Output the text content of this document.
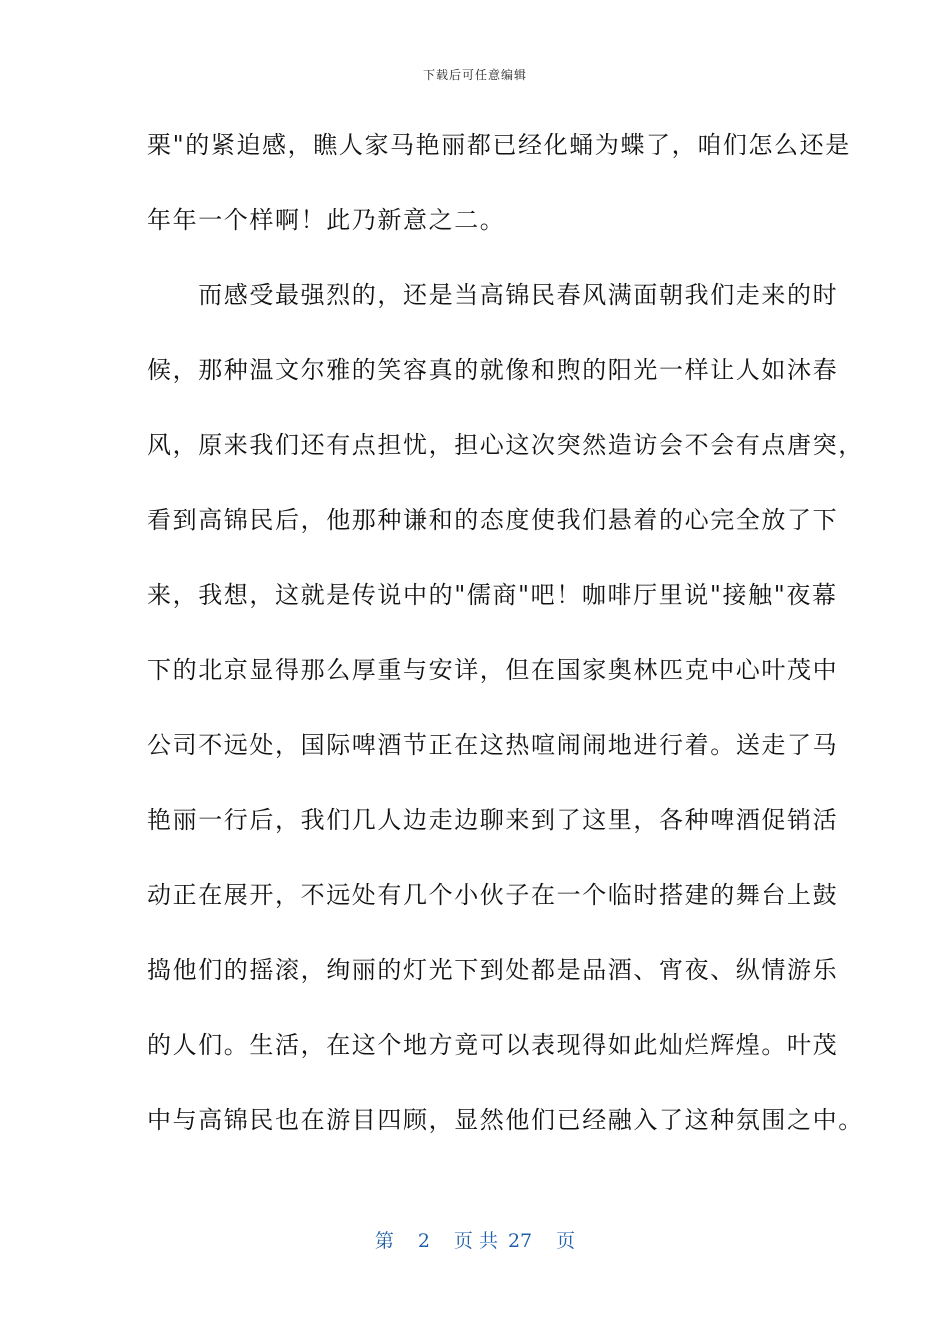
下载后可任意编辑
栗"的紧迫感，瞧人家马艳丽都已经化蛹为蝶了，咱们怎么还是
年年一个样啊！此乃新意之二。
　　而感受最强烈的，还是当高锦民春风满面朝我们走来的时
候，那种温文尔雅的笑容真的就像和煦的阳光一样让人如沐春
风，原来我们还有点担忧，担心这次突然造访会不会有点唐突，
看到高锦民后，他那种谦和的态度使我们悬着的心完全放了下
来，我想，这就是传说中的"儒商"吧！咖啡厅里说"接触"夜幕
下的北京显得那么厚重与安详，但在国家奥林匹克中心叶茂中
公司不远处，国际啤酒节正在这热喧闹闹地进行着。送走了马
艳丽一行后，我们几人边走边聊来到了这里，各种啤酒促销活
动正在展开，不远处有几个小伙子在一个临时搭建的舞台上鼓
捣他们的摇滚，绚丽的灯光下到处都是品酒、宵夜、纵情游乐
的人们。生活，在这个地方竟可以表现得如此灿烂辉煌。叶茂
中与高锦民也在游目四顾，显然他们已经融入了这种氛围之中。
第 2 页 共 27 页
